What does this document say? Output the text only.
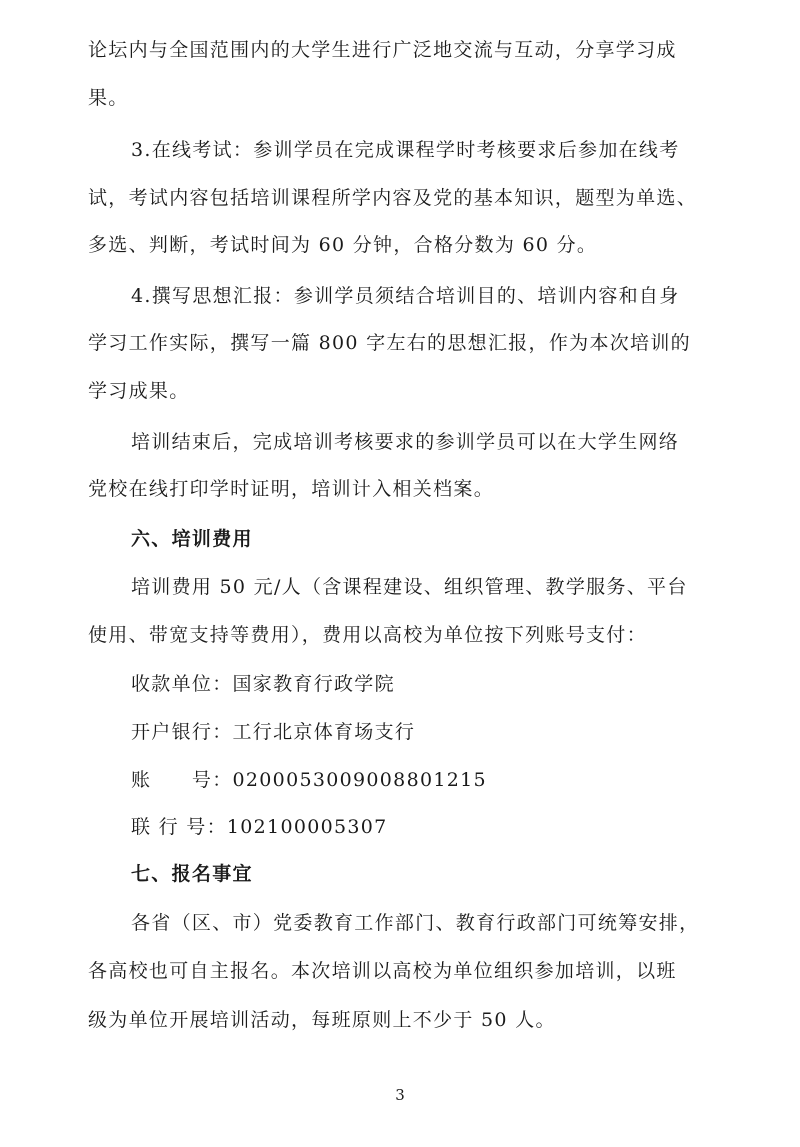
论坛内与全国范围内的大学生进行广泛地交流与互动，分享学习成
果。
3.在线考试：参训学员在完成课程学时考核要求后参加在线考
试，考试内容包括培训课程所学内容及党的基本知识，题型为单选、
多选、判断，考试时间为 60 分钟，合格分数为 60 分。
4.撰写思想汇报：参训学员须结合培训目的、培训内容和自身
学习工作实际，撰写一篇 800 字左右的思想汇报，作为本次培训的
学习成果。
培训结束后，完成培训考核要求的参训学员可以在大学生网络
党校在线打印学时证明，培训计入相关档案。
六、培训费用
培训费用 50 元/人（含课程建设、组织管理、教学服务、平台
使用、带宽支持等费用），费用以高校为单位按下列账号支付：
收款单位：国家教育行政学院
开户银行：工行北京体育场支行
账　　号：0200053009008801215
联 行 号：102100005307
七、报名事宜
各省（区、市）党委教育工作部门、教育行政部门可统筹安排，
各高校也可自主报名。本次培训以高校为单位组织参加培训，以班
级为单位开展培训活动，每班原则上不少于 50 人。
3
